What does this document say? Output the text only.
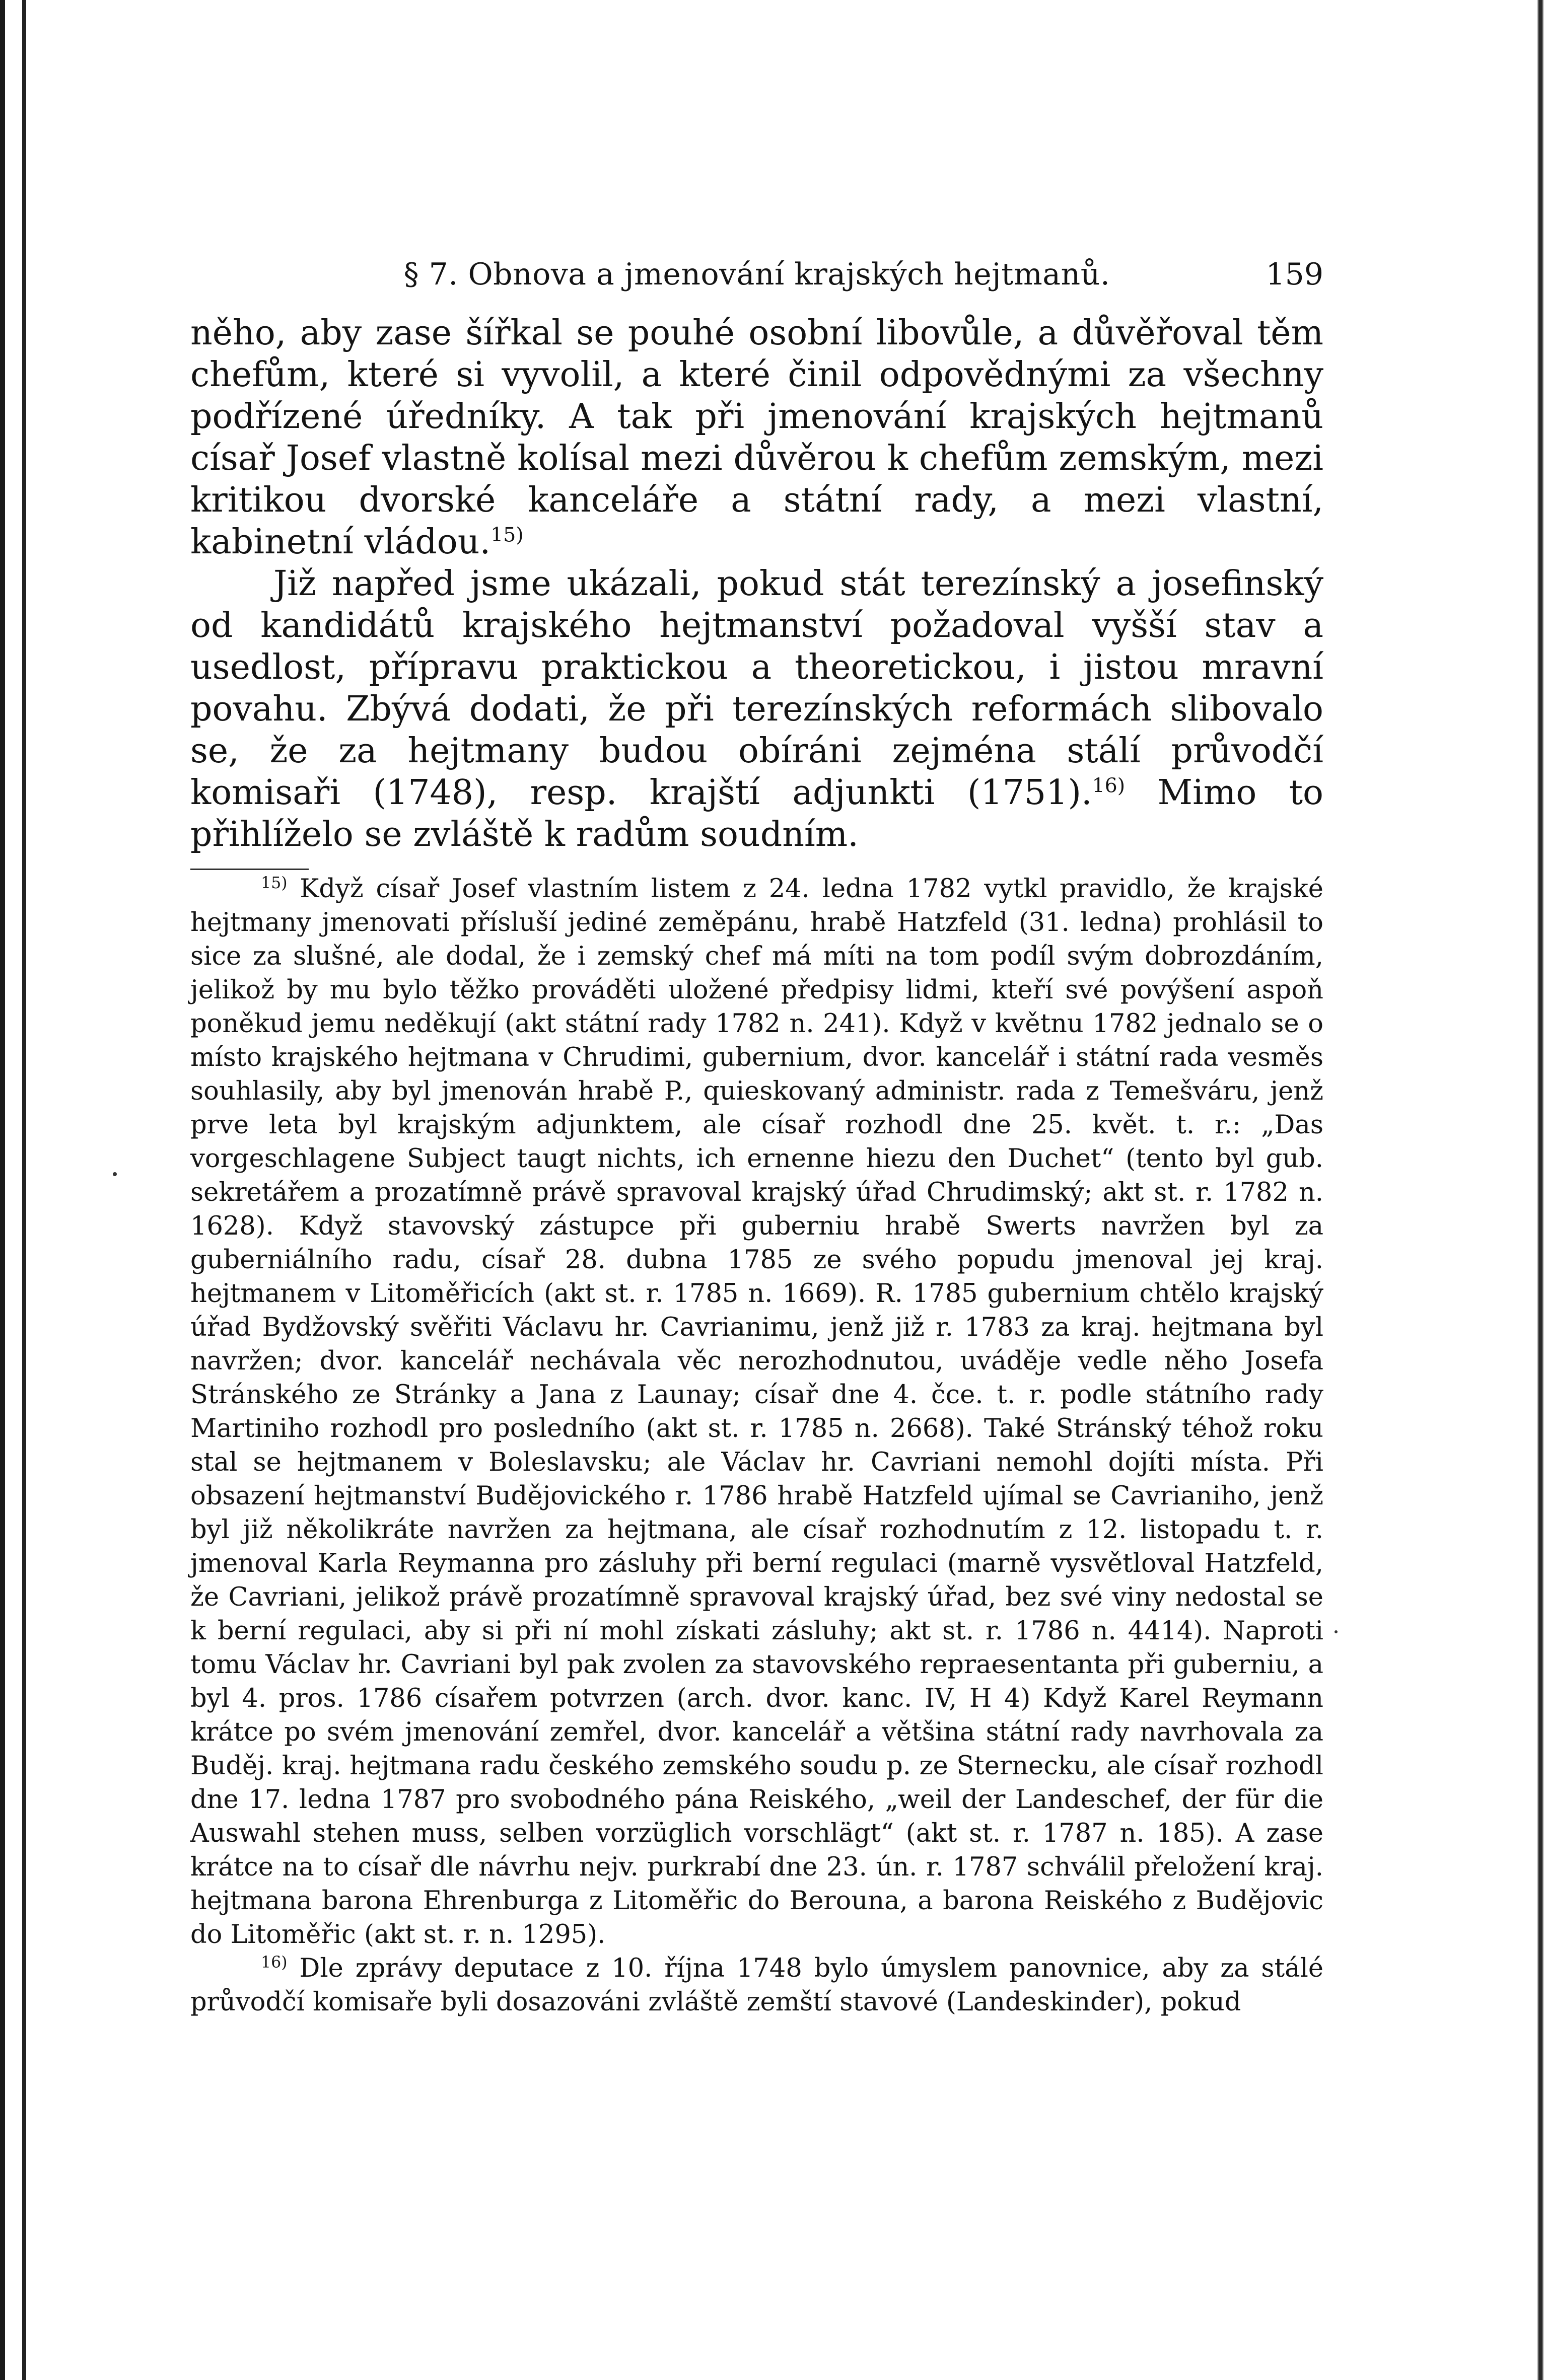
§ 7. Obnova a jmenování krajských hejtmanů.	159

něho, aby zase šířkal se pouhé osobní libovůle, a důvěřoval těm chefům, které si vyvolil, a které činil odpovědnými za všechny podřízené úředníky. A tak při jmenování krajských hejtmanů císař Josef vlastně kolísal mezi důvěrou k chefům zemským, mezi kritikou dvorské kanceláře a státní rady, a mezi vlastní, kabinetní vládou.$^{15)}$

Již napřed jsme ukázali, pokud stát terezínský a josefinský od kandidátů krajského hejtmanství požadoval vyšší stav a usedlost, přípravu praktickou a theoretickou, i jistou mravní povahu. Zbývá dodati, že při terezínských reformách slibovalo se, že za hejtmany budou obíráni zejména stálí průvodčí komisaři (1748), resp. krajští adjunkti (1751).$^{16)}$ Mimo to přihlíželo se zvláště k radům soudním.

$^{15)}$ Když císař Josef vlastním listem z 24. ledna 1782 vytkl pravidlo, že krajské hejtmany jmenovati přísluší jediné zeměpánu, hrabě Hatzfeld (31. ledna) prohlásil to sice za slušné, ale dodal, že i zemský chef má míti na tom podíl svým dobrozdáním, jelikož by mu bylo těžko prováděti uložené předpisy lidmi, kteří své povýšení aspoň poněkud jemu neděkují (akt státní rady 1782 n. 241). Když v květnu 1782 jednalo se o místo krajského hejtmana v Chrudimi, gubernium, dvor. kancelář i státní rada vesměs souhlasily, aby byl jmenován hrabě P., quieskovaný administr. rada z Temešváru, jenž prve leta byl krajským adjunktem, ale císař rozhodl dne 25. květ. t. r.: „Das vorgeschlagene Subject taugt nichts, ich ernenne hiezu den Duchet“ (tento byl gub. sekretářem a prozatímně právě spravoval krajský úřad Chrudimský; akt st. r. 1782 n. 1628). Když stavovský zástupce při guberniu hrabě Swerts navržen byl za guberniálního radu, císař 28. dubna 1785 ze svého popudu jmenoval jej kraj. hejtmanem v Litoměřicích (akt st. r. 1785 n. 1669). R. 1785 gubernium chtělo krajský úřad Bydžovský svěřiti Václavu hr. Cavrianimu, jenž již r. 1783 za kraj. hejtmana byl navržen; dvor. kancelář nechávala věc nerozhodnutou, uváděje vedle něho Josefa Stránského ze Stránky a Jana z Launay; císař dne 4. čce. t. r. podle státního rady Martiniho rozhodl pro posledního (akt st. r. 1785 n. 2668). Také Stránský téhož roku stal se hejtmanem v Boleslavsku; ale Václav hr. Cavriani nemohl dojíti místa. Při obsazení hejtmanství Budějovického r. 1786 hrabě Hatzfeld ujímal se Cavrianiho, jenž byl již několikráte navržen za hejtmana, ale císař rozhodnutím z 12. listopadu t. r. jmenoval Karla Reymanna pro zásluhy při berní regulaci (marně vysvětloval Hatzfeld, že Cavriani, jelikož právě prozatímně spravoval krajský úřad, bez své viny nedostal se k berní regulaci, aby si při ní mohl získati zásluhy; akt st. r. 1786 n. 4414). Naproti tomu Václav hr. Cavriani byl pak zvolen za stavovského repraesentanta při guberniu, a byl 4. pros. 1786 císařem potvrzen (arch. dvor. kanc. IV, H 4) Když Karel Reymann krátce po svém jmenování zemřel, dvor. kancelář a většina státní rady navrhovala za Buděj. kraj. hejtmana radu českého zemského soudu p. ze Sternecku, ale císař rozhodl dne 17. ledna 1787 pro svobodného pána Reiského, „weil der Landeschef, der für die Auswahl stehen muss, selben vorzüglich vorschlägt“ (akt st. r. 1787 n. 185). A zase krátce na to císař dle návrhu nejv. purkrabí dne 23. ún. r. 1787 schválil přeložení kraj. hejtmana barona Ehrenburga z Litoměřic do Berouna, a barona Reiského z Budějovic do Litoměřic (akt st. r. n. 1295).

$^{16)}$ Dle zprávy deputace z 10. října 1748 bylo úmyslem panovnice, aby za stálé průvodčí komisaře byli dosazováni zvláště zemští stavové (Landeskinder), pokud
